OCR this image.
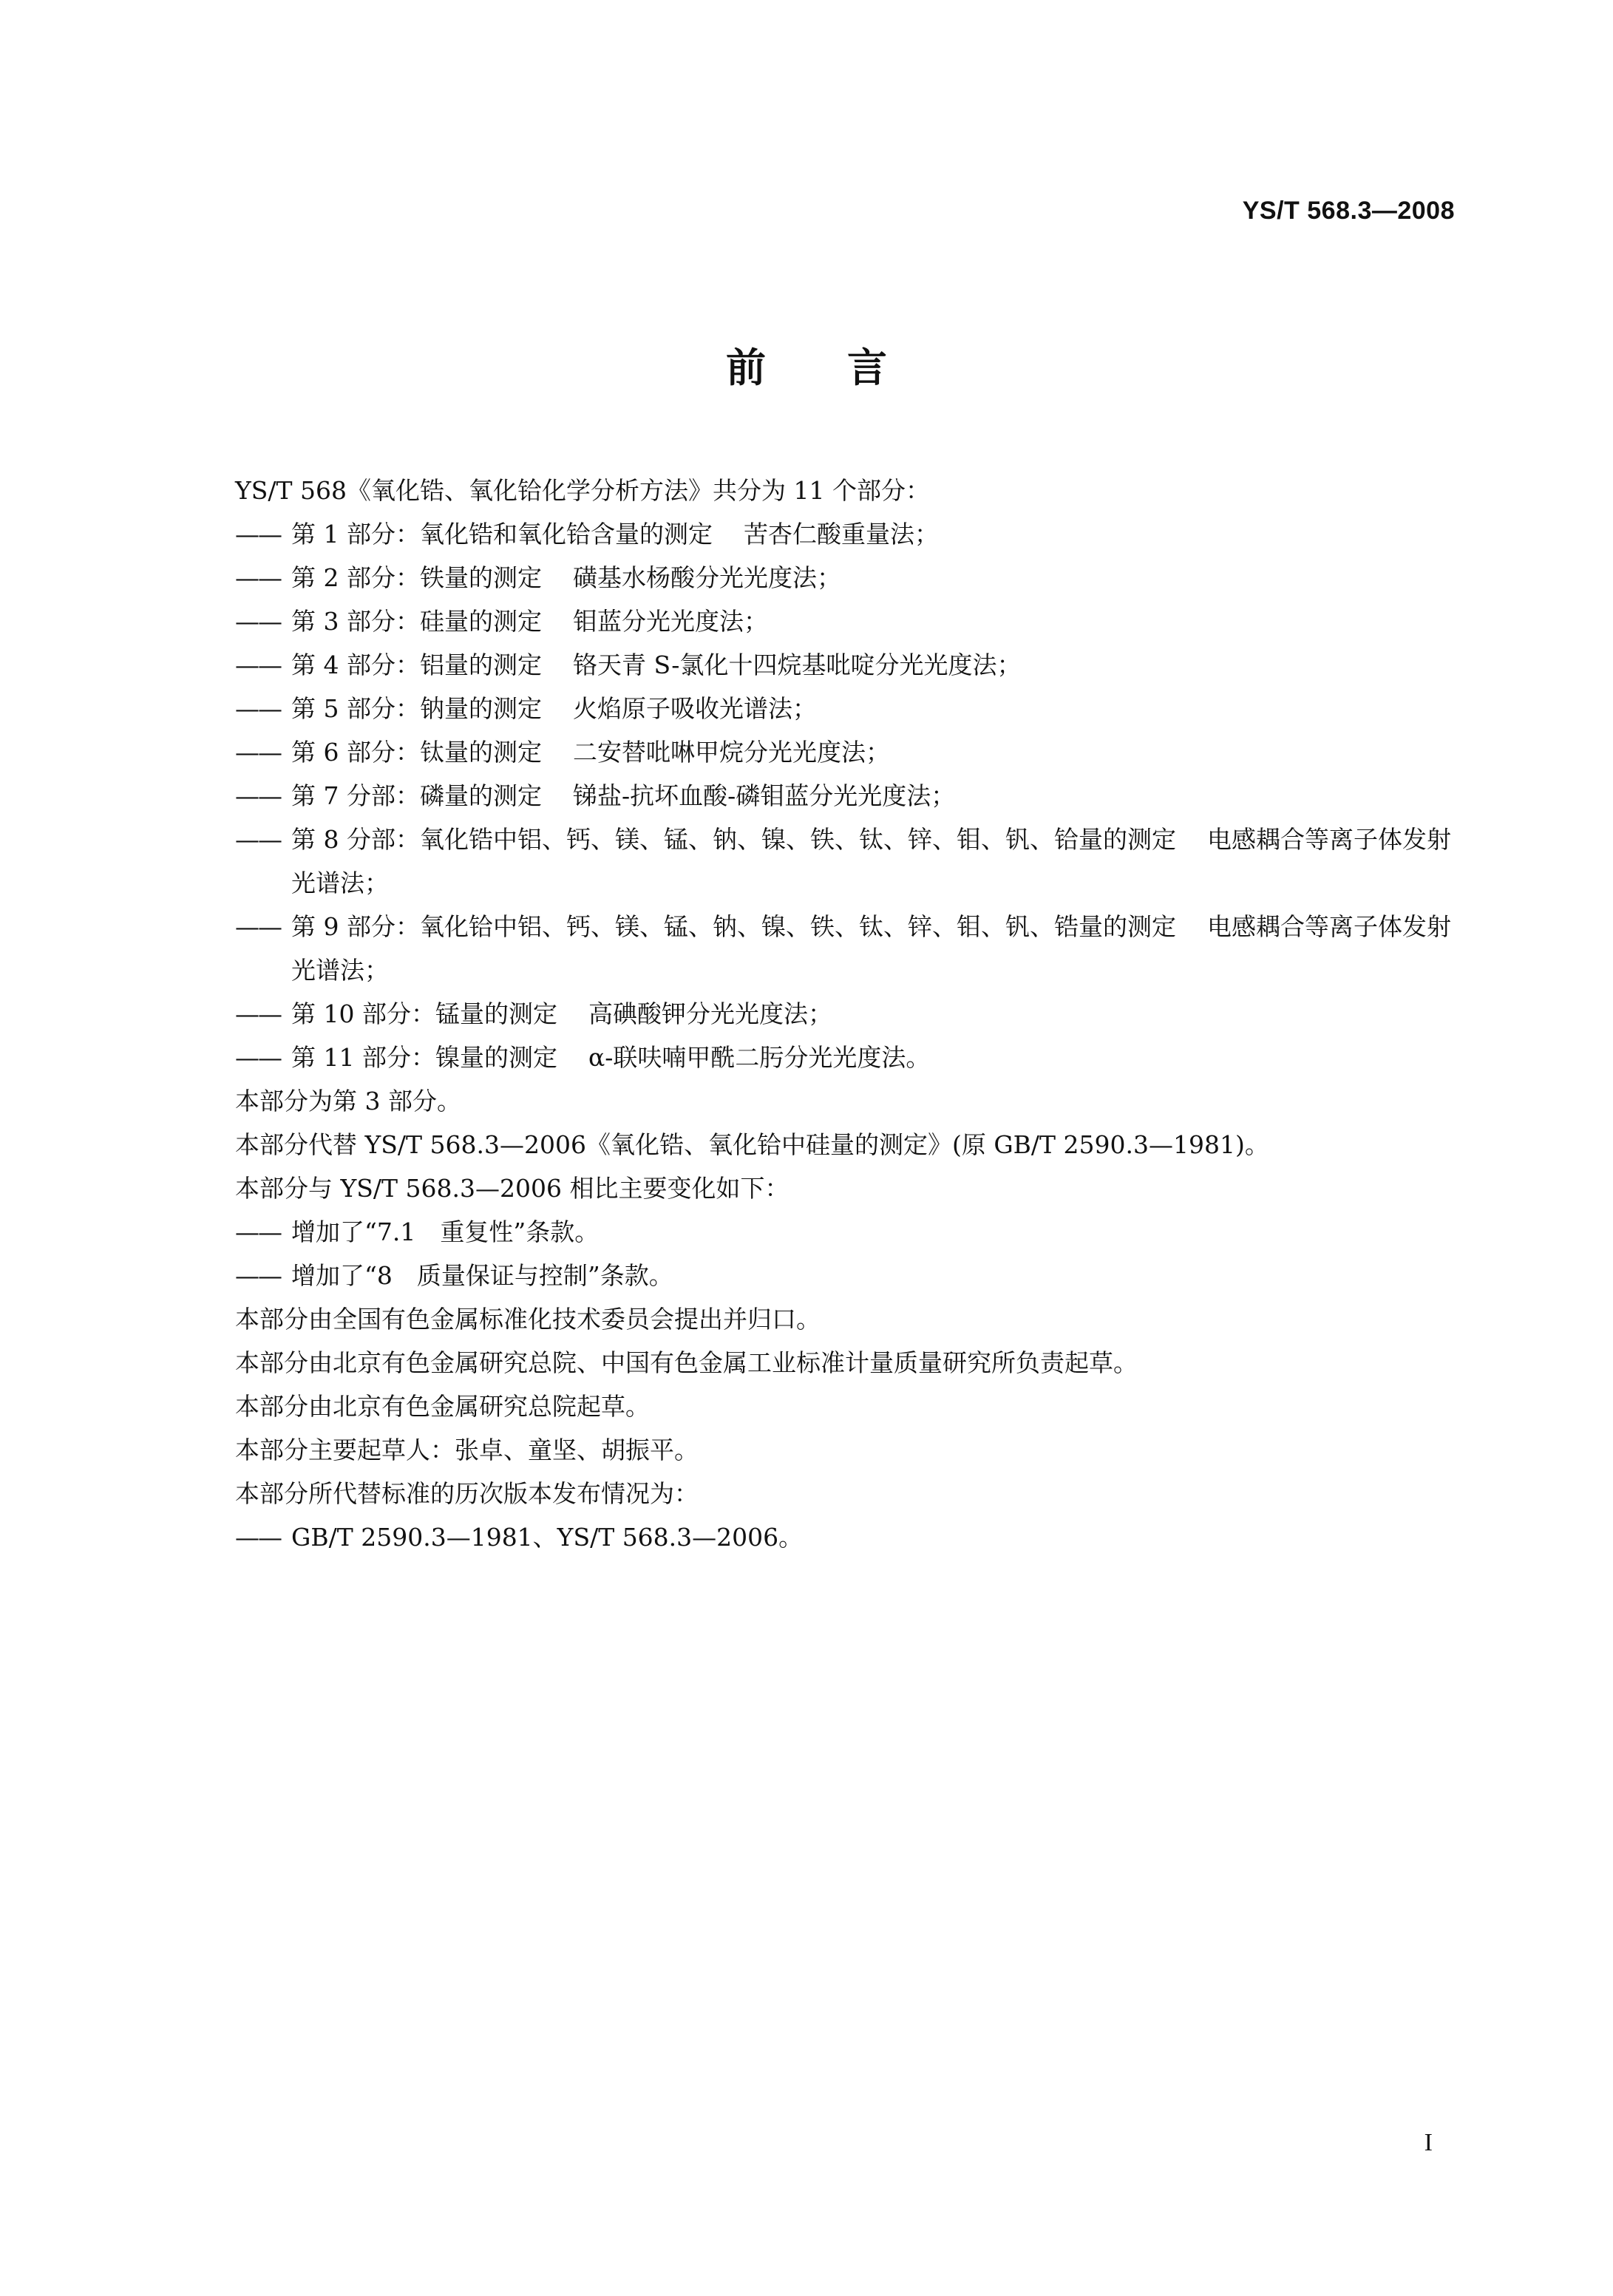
YS/T 568.3—2008
前言
YS/T 568《氧化锆、氧化铪化学分析方法》共分为 11 个部分：
—— 第 1 部分：氧化锆和氧化铪含量的测定 苦杏仁酸重量法；
—— 第 2 部分：铁量的测定 磺基水杨酸分光光度法；
—— 第 3 部分：硅量的测定 钼蓝分光光度法；
—— 第 4 部分：铝量的测定 铬天青 S-氯化十四烷基吡啶分光光度法；
—— 第 5 部分：钠量的测定 火焰原子吸收光谱法；
—— 第 6 部分：钛量的测定 二安替吡啉甲烷分光光度法；
—— 第 7 分部：磷量的测定 锑盐-抗坏血酸-磷钼蓝分光光度法；
—— 第 8 分部：氧化锆中铝、钙、镁、锰、钠、镍、铁、钛、锌、钼、钒、铪量的测定 电感耦合等离子体发射光谱法；
—— 第 9 部分：氧化铪中铝、钙、镁、锰、钠、镍、铁、钛、锌、钼、钒、锆量的测定 电感耦合等离子体发射光谱法；
—— 第 10 部分：锰量的测定 高碘酸钾分光光度法；
—— 第 11 部分：镍量的测定 α-联呋喃甲酰二肟分光光度法。
本部分为第 3 部分。
本部分代替 YS/T 568.3—2006《氧化锆、氧化铪中硅量的测定》(原 GB/T 2590.3—1981)。
本部分与 YS/T 568.3—2006 相比主要变化如下：
—— 增加了“7.1　重复性”条款。
—— 增加了“8　质量保证与控制”条款。
本部分由全国有色金属标准化技术委员会提出并归口。
本部分由北京有色金属研究总院、中国有色金属工业标准计量质量研究所负责起草。
本部分由北京有色金属研究总院起草。
本部分主要起草人：张卓、童坚、胡振平。
本部分所代替标准的历次版本发布情况为：
—— GB/T 2590.3—1981、YS/T 568.3—2006。
I
